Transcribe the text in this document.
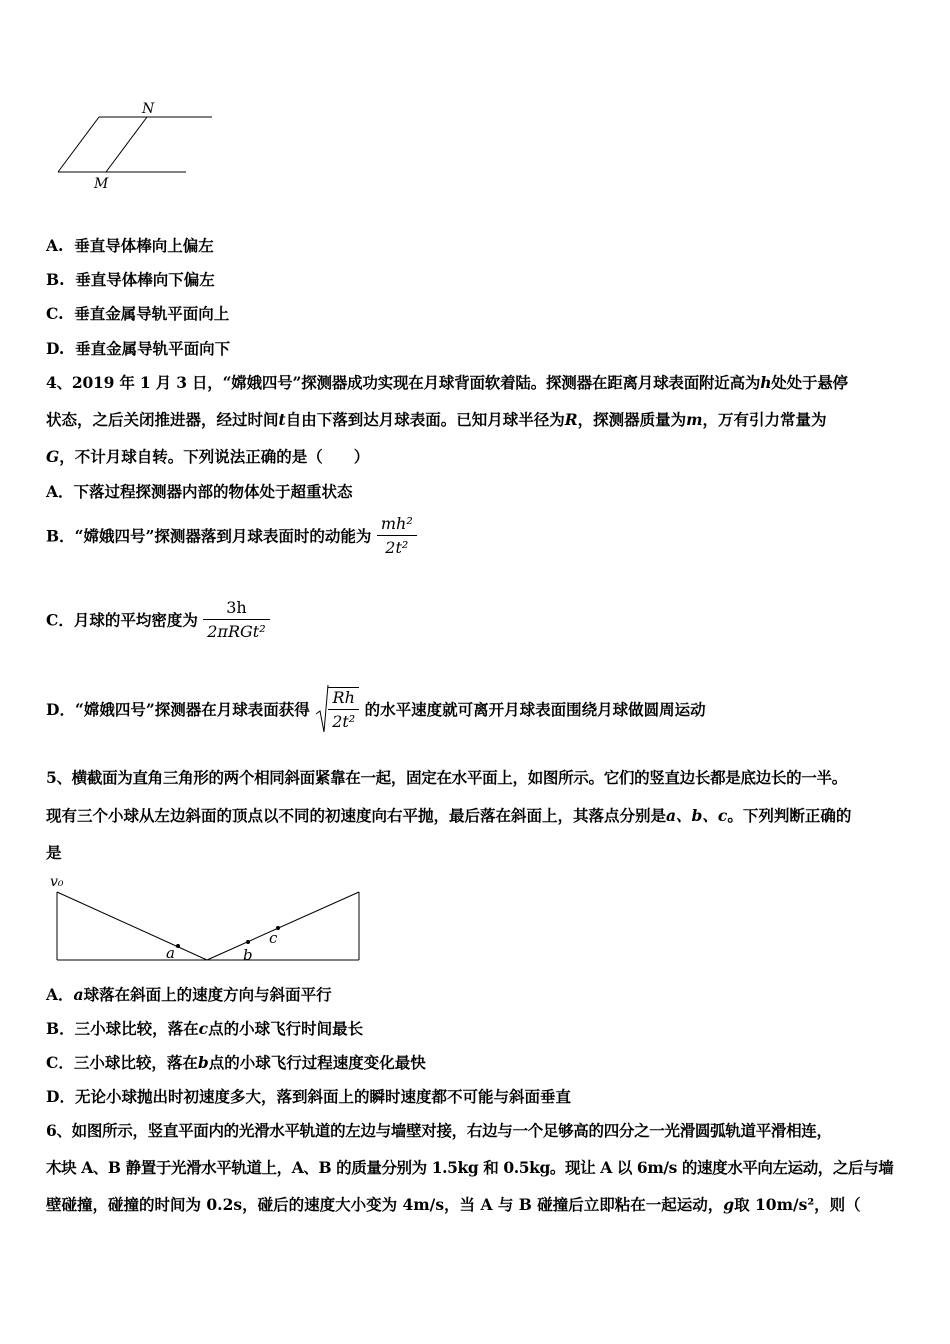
N
M
A. 垂直导体棒向上偏左
B. 垂直导体棒向下偏左
C. 垂直金属导轨平面向上
D. 垂直金属导轨平面向下
4、2019 年 1 月 3 日，“嫦娥四号”探测器成功实现在月球背面软着陆。探测器在距离月球表面附近高为h处处于悬停
状态，之后关闭推进器，经过时间t自由下落到达月球表面。已知月球半径为R，探测器质量为m，万有引力常量为
G，不计月球自转。下列说法正确的是（　　）
A．下落过程探测器内部的物体处于超重状态
B．“嫦娥四号”探测器落到月球表面时的动能为 $\frac{\text{mh²}}{\text{2t²}}$
C．月球的平均密度为 $\frac{3h}{\text{2πRGt²}}$
D．“嫦娥四号”探测器在月球表面获得 $\frac{Rh}{\text{2t²}}$ 的水平速度就可离开月球表面围绕月球做圆周运动
5、横截面为直角三角形的两个相同斜面紧靠在一起，固定在水平面上，如图所示。它们的竖直边长都是底边长的一半。
现有三个小球从左边斜面的顶点以不同的初速度向右平抛，最后落在斜面上，其落点分别是a、b、c。下列判断正确的
是
v₀
a	b
c
A．a球落在斜面上的速度方向与斜面平行
B．三小球比较，落在c点的小球飞行时间最长
C．三小球比较，落在b点的小球飞行过程速度变化最快
D．无论小球抛出时初速度多大，落到斜面上的瞬时速度都不可能与斜面垂直
6、如图所示，竖直平面内的光滑水平轨道的左边与墙壁对接，右边与一个足够高的四分之一光滑圆弧轨道平滑相连，
木块 A、B 静置于光滑水平轨道上，A、B 的质量分别为 1.5kg 和 0.5kg。现让 A 以 6m/s 的速度水平向左运动，之后与墙
壁碰撞，碰撞的时间为 0.2s，碰后的速度大小变为 4m/s，当 A 与 B 碰撞后立即粘在一起运动，g取 10m/s²，则（
